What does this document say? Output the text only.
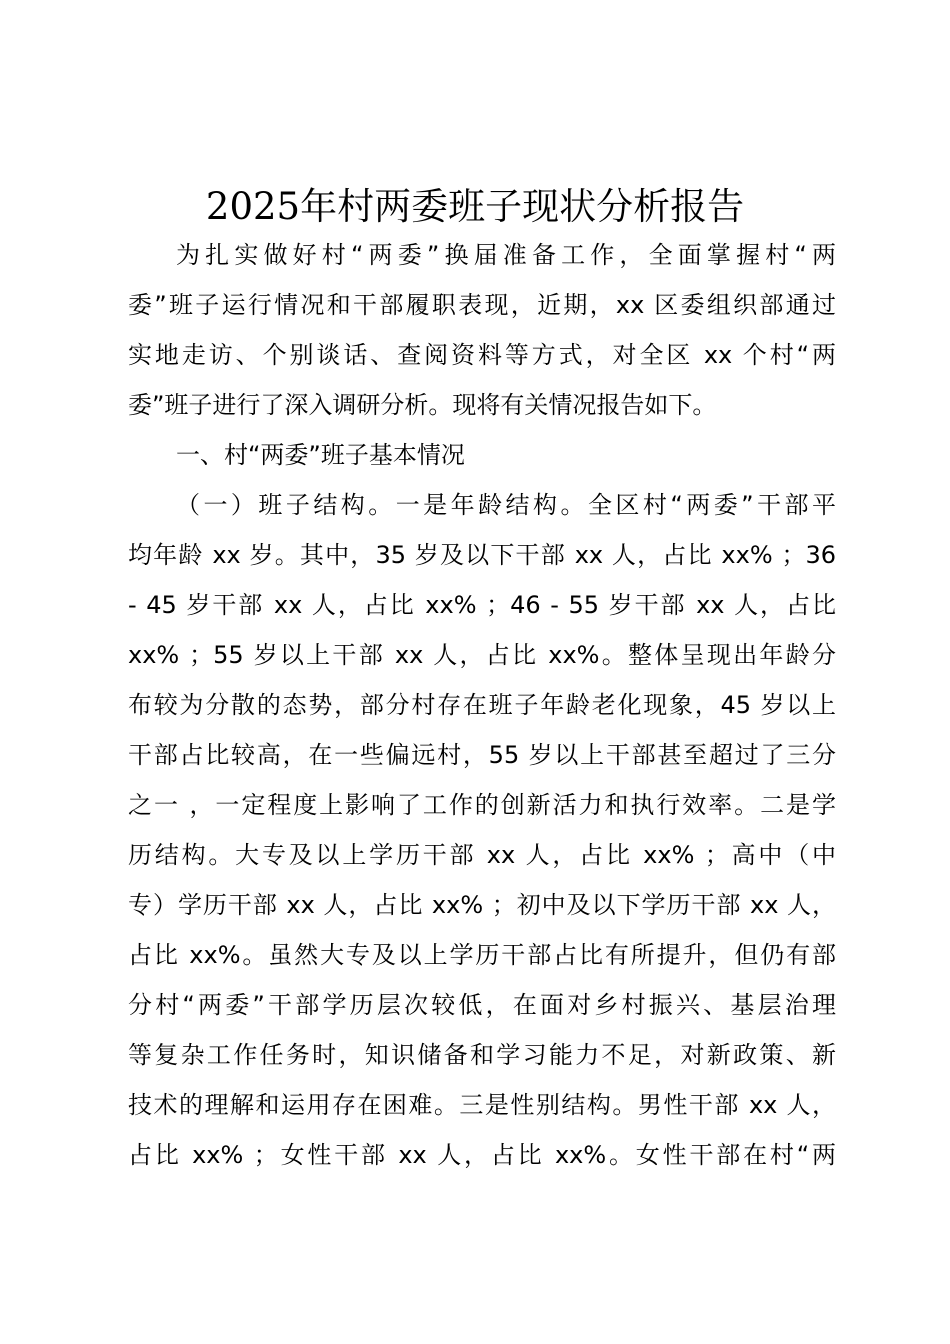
2025年村两委班子现状分析报告
为扎实做好村“两委”换届准备工作，全面掌握村“两
委”班子运行情况和干部履职表现，近期，xx 区委组织部通过
实地走访、个别谈话、查阅资料等方式，对全区 xx 个村“两
委”班子进行了深入调研分析。现将有关情况报告如下。
一、村“两委”班子基本情况
（一）班子结构。一是年龄结构。全区村“两委”干部平
均年龄 xx 岁。其中，35 岁及以下干部 xx 人，占比 xx% ；36
- 45 岁干部 xx 人，占比 xx% ；46 - 55 岁干部 xx 人，占比
xx% ；55 岁以上干部 xx 人，占比 xx%。整体呈现出年龄分
布较为分散的态势，部分村存在班子年龄老化现象，45 岁以上
干部占比较高，在一些偏远村，55 岁以上干部甚至超过了三分
之一 ，一定程度上影响了工作的创新活力和执行效率。二是学
历结构。大专及以上学历干部 xx 人，占比 xx% ；高中（中
专）学历干部 xx 人，占比 xx% ；初中及以下学历干部 xx 人，
占比 xx%。虽然大专及以上学历干部占比有所提升，但仍有部
分村“两委”干部学历层次较低，在面对乡村振兴、基层治理
等复杂工作任务时，知识储备和学习能力不足，对新政策、新
技术的理解和运用存在困难。三是性别结构。男性干部 xx 人，
占比 xx% ；女性干部 xx 人，占比 xx%。女性干部在村“两
